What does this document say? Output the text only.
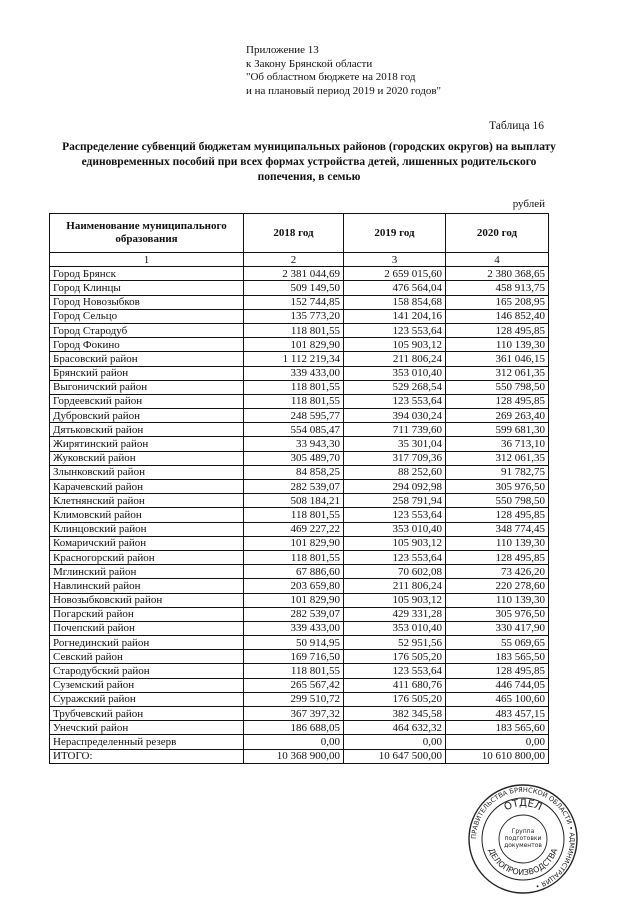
Приложение 13
к Закону Брянской области
"Об областном бюджете на 2018 год
и на плановый период 2019 и 2020 годов"
Таблица 16
Распределение субвенций бюджетам муниципальных районов (городских округов) на выплату единовременных пособий при всех формах устройства детей, лишенных родительского попечения, в семью
рублей
Наименование муниципального образования	2018 год	2019 год	2020 год
1	2	3	4
Город Брянск	2 381 044,69	2 659 015,60	2 380 368,65
Город Клинцы	509 149,50	476 564,04	458 913,75
Город Новозыбков	152 744,85	158 854,68	165 208,95
Город Сельцо	135 773,20	141 204,16	146 852,40
Город Стародуб	118 801,55	123 553,64	128 495,85
Город Фокино	101 829,90	105 903,12	110 139,30
Брасовский район	1 112 219,34	211 806,24	361 046,15
Брянский район	339 433,00	353 010,40	312 061,35
Выгоничский район	118 801,55	529 268,54	550 798,50
Гордеевский район	118 801,55	123 553,64	128 495,85
Дубровский район	248 595,77	394 030,24	269 263,40
Дятьковский район	554 085,47	711 739,60	599 681,30
Жирятинский район	33 943,30	35 301,04	36 713,10
Жуковский район	305 489,70	317 709,36	312 061,35
Злынковский район	84 858,25	88 252,60	91 782,75
Карачевский район	282 539,07	294 092,98	305 976,50
Клетнянский район	508 184,21	258 791,94	550 798,50
Климовский район	118 801,55	123 553,64	128 495,85
Клинцовский район	469 227,22	353 010,40	348 774,45
Комаричский район	101 829,90	105 903,12	110 139,30
Красногорский район	118 801,55	123 553,64	128 495,85
Мглинский район	67 886,60	70 602,08	73 426,20
Навлинский район	203 659,80	211 806,24	220 278,60
Новозыбковский район	101 829,90	105 903,12	110 139,30
Погарский район	282 539,07	429 331,28	305 976,50
Почепский район	339 433,00	353 010,40	330 417,90
Рогнединский район	50 914,95	52 951,56	55 069,65
Севский район	169 716,50	176 505,20	183 565,50
Стародубский район	118 801,55	123 553,64	128 495,85
Суземский район	265 567,42	411 680,76	446 744,05
Суражский район	299 510,72	176 505,20	465 100,60
Трубчевский район	367 397,32	382 345,58	483 457,15
Унечский район	186 688,05	464 632,32	183 565,60
Нераспределенный резерв	0,00	0,00	0,00
ИТОГО:	10 368 900,00	10 647 500,00	10 610 800,00
ПРАВИТЕЛЬСТВА БРЯНСКОЙ ОБЛАСТИ • АДМИНИСТРАЦИЯ •
ОТДЕЛ
ДЕЛОПРОИЗВОДСТВА
Группа
подготовки
документов
